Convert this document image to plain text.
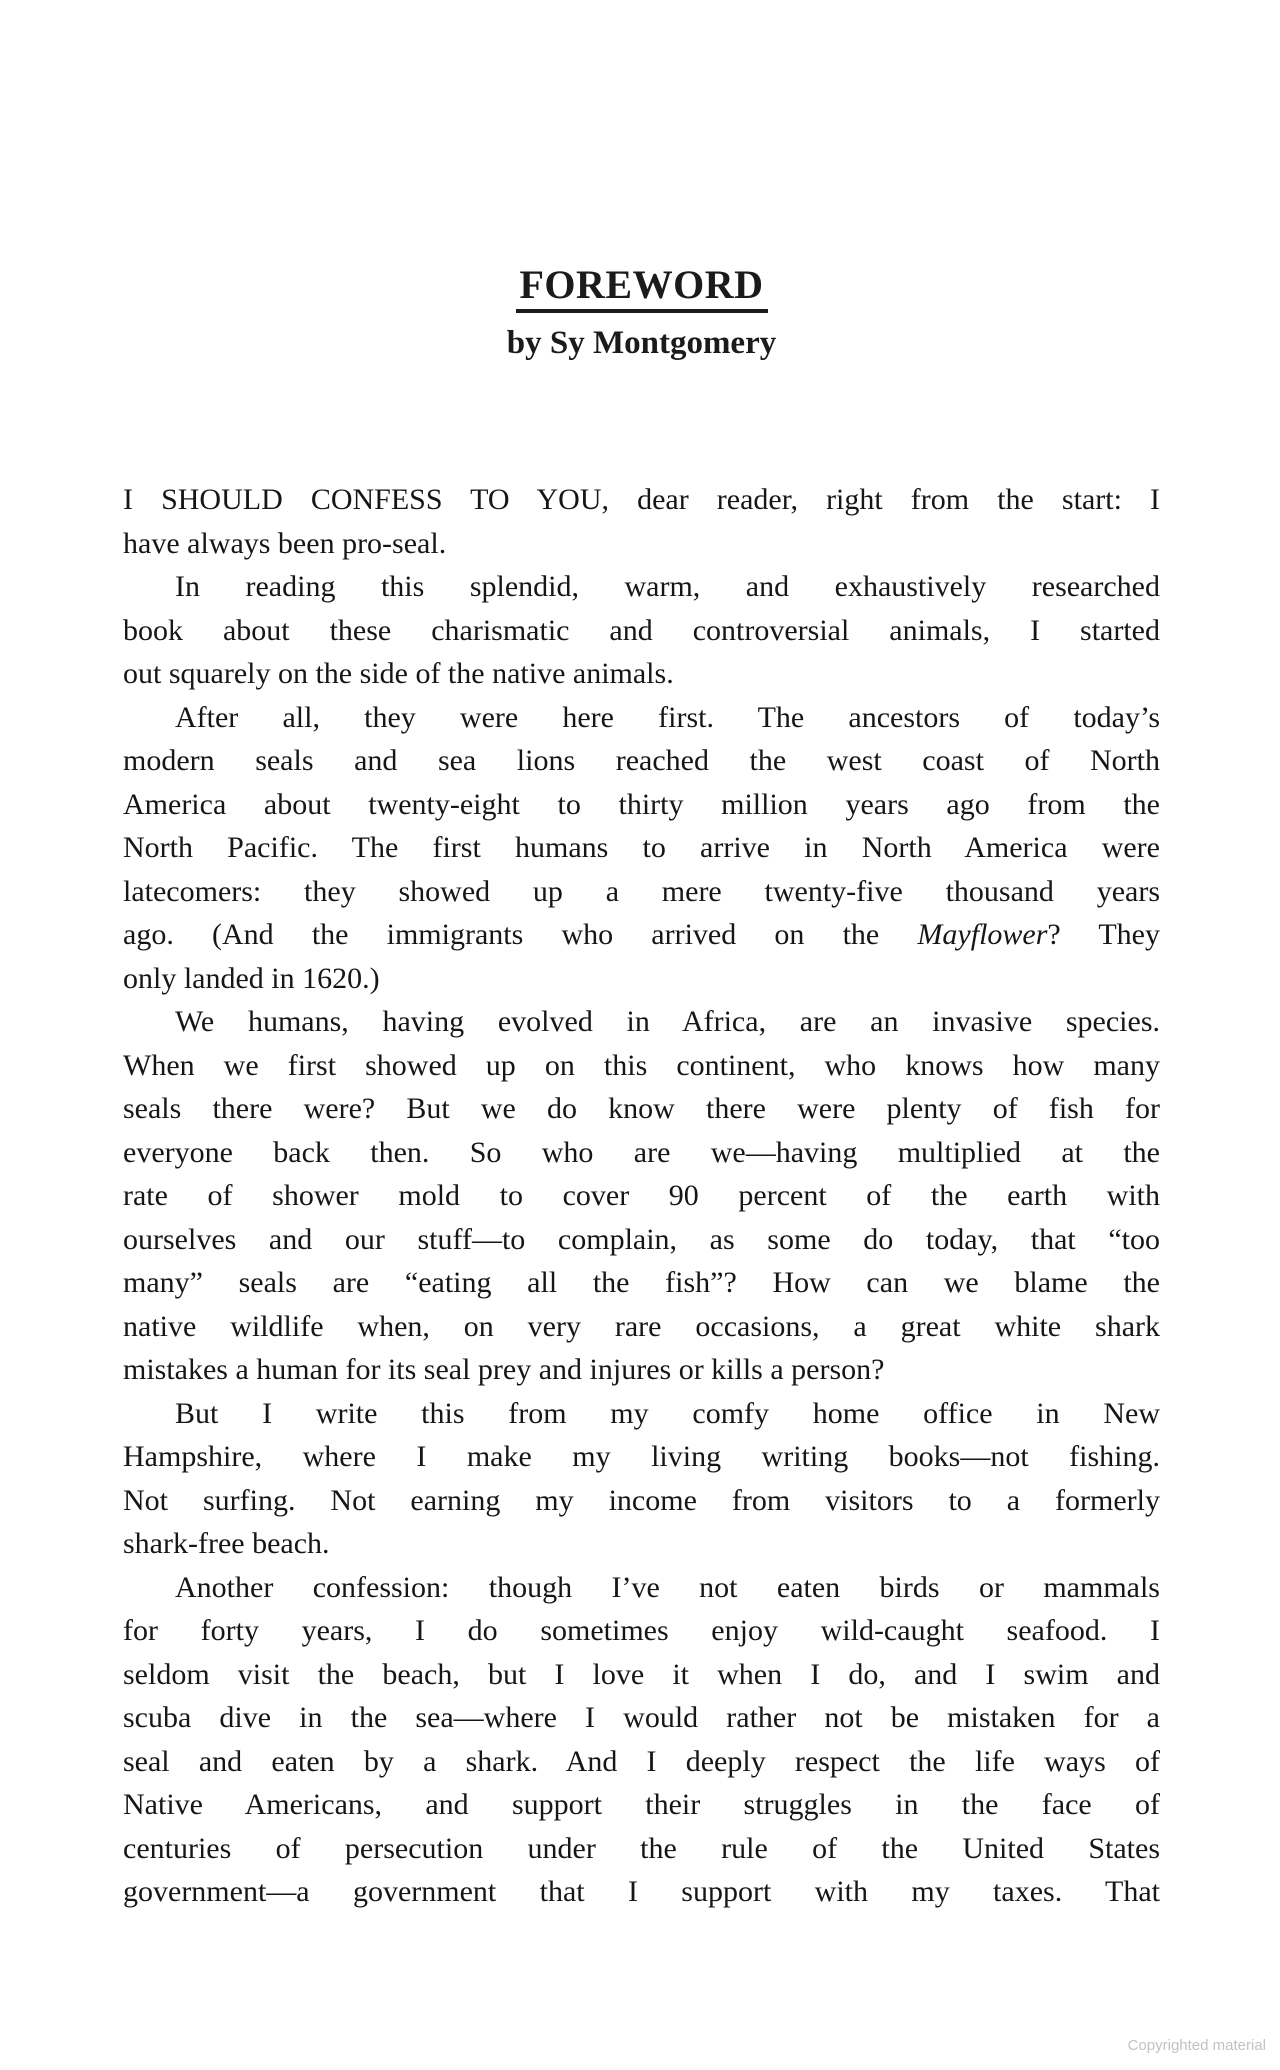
FOREWORD
by Sy Montgomery
I SHOULD CONFESS TO YOU, dear reader, right from the start: I
have always been pro-seal.
In reading this splendid, warm, and exhaustively researched
book about these charismatic and controversial animals, I started
out squarely on the side of the native animals.
After all, they were here first. The ancestors of today’s
modern seals and sea lions reached the west coast of North
America about twenty-eight to thirty million years ago from the
North Pacific. The first humans to arrive in North America were
latecomers: they showed up a mere twenty-five thousand years
ago. (And the immigrants who arrived on the Mayflower? They
only landed in 1620.)
We humans, having evolved in Africa, are an invasive species.
When we first showed up on this continent, who knows how many
seals there were? But we do know there were plenty of fish for
everyone back then. So who are we—having multiplied at the
rate of shower mold to cover 90 percent of the earth with
ourselves and our stuff—to complain, as some do today, that “too
many” seals are “eating all the fish”? How can we blame the
native wildlife when, on very rare occasions, a great white shark
mistakes a human for its seal prey and injures or kills a person?
But I write this from my comfy home office in New
Hampshire, where I make my living writing books—not fishing.
Not surfing. Not earning my income from visitors to a formerly
shark-free beach.
Another confession: though I’ve not eaten birds or mammals
for forty years, I do sometimes enjoy wild-caught seafood. I
seldom visit the beach, but I love it when I do, and I swim and
scuba dive in the sea—where I would rather not be mistaken for a
seal and eaten by a shark. And I deeply respect the life ways of
Native Americans, and support their struggles in the face of
centuries of persecution under the rule of the United States
government—a government that I support with my taxes. That
Copyrighted material
